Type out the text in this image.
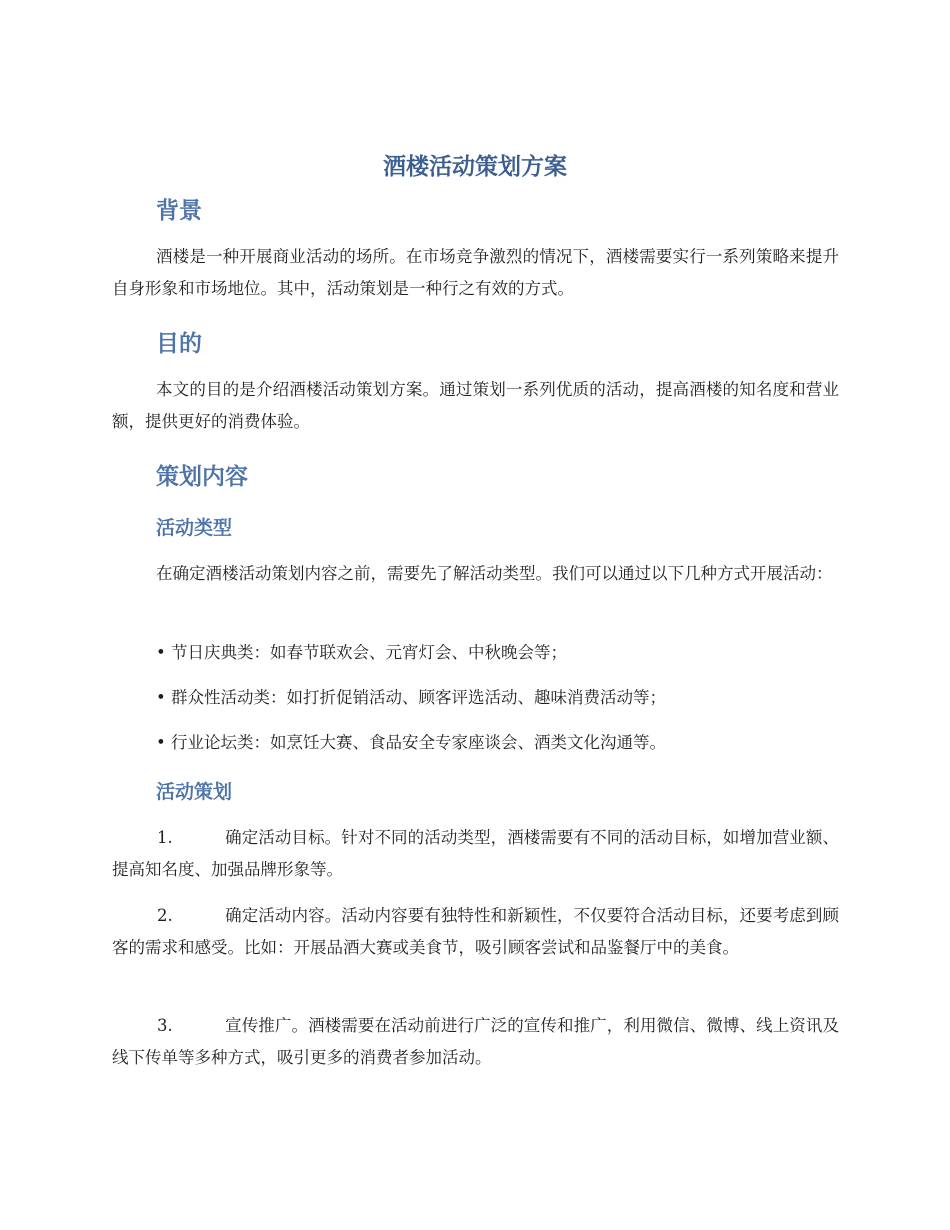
酒楼活动策划方案
背景

酒楼是一种开展商业活动的场所。在市场竞争激烈的情况下，酒楼需要实行一系列策略来提升自身形象和市场地位。其中，活动策划是一种行之有效的方式。

目的

本文的目的是介绍酒楼活动策划方案。通过策划一系列优质的活动，提高酒楼的知名度和营业额，提供更好的消费体验。

策划内容
活动类型

在确定酒楼活动策划内容之前，需要先了解活动类型。我们可以通过以下几种方式开展活动：

• 节日庆典类：如春节联欢会、元宵灯会、中秋晚会等；

• 群众性活动类：如打折促销活动、顾客评选活动、趣味消费活动等；

• 行业论坛类：如烹饪大赛、食品安全专家座谈会、酒类文化沟通等。

活动策划

1.	确定活动目标。针对不同的活动类型，酒楼需要有不同的活动目标，如增加营业额、提高知名度、加强品牌形象等。

2.	确定活动内容。活动内容要有独特性和新颖性，不仅要符合活动目标，还要考虑到顾客的需求和感受。比如：开展品酒大赛或美食节，吸引顾客尝试和品鉴餐厅中的美食。

3.	宣传推广。酒楼需要在活动前进行广泛的宣传和推广，利用微信、微博、线上资讯及线下传单等多种方式，吸引更多的消费者参加活动。
